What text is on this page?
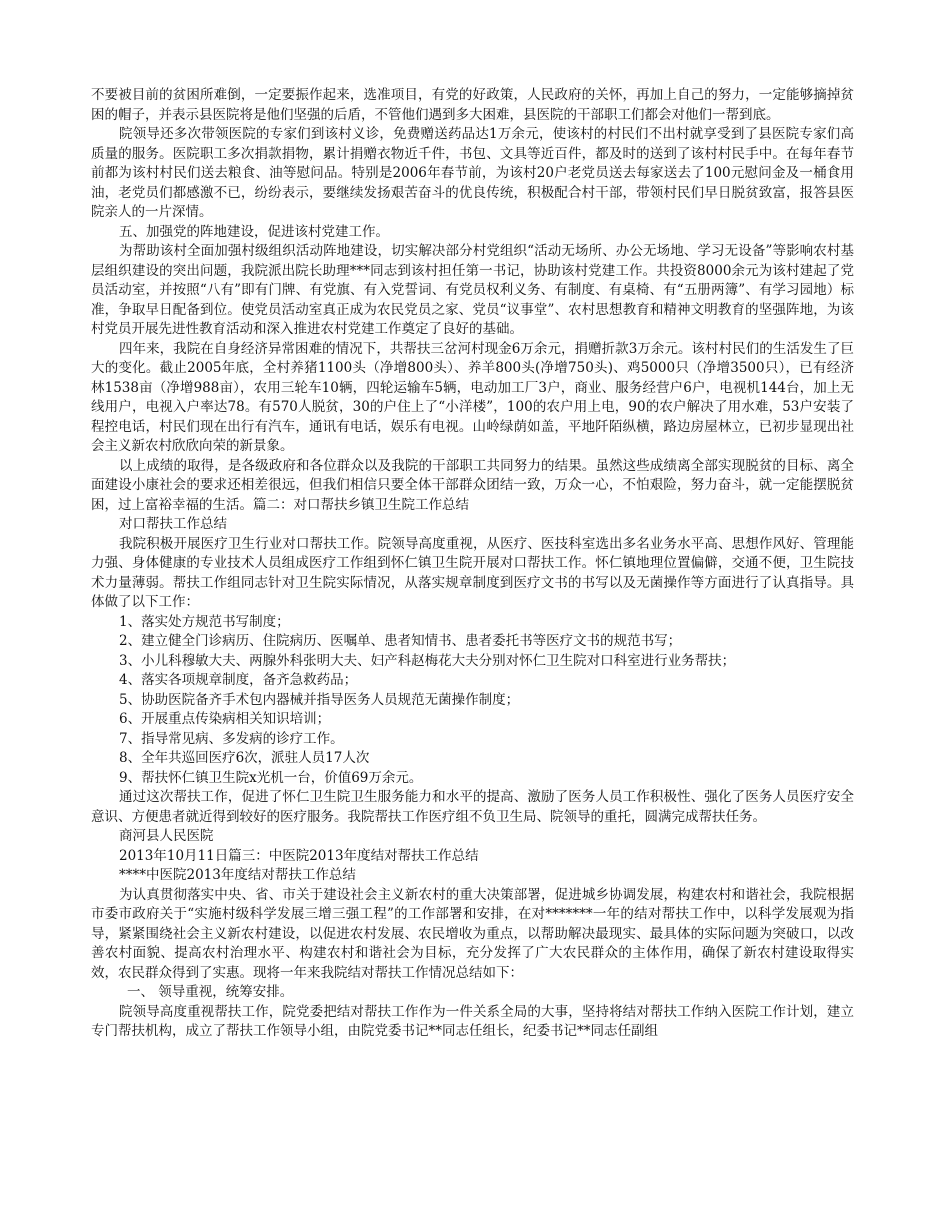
不要被目前的贫困所难倒，一定要振作起来，选准项目，有党的好政策，人民政府的关怀，再加上自己的努力，一定能够摘掉贫困的帽子，并表示县医院将是他们坚强的后盾，不管他们遇到多大困难，县医院的干部职工们都会对他们一帮到底。

院领导还多次带领医院的专家们到该村义诊，免费赠送药品达1万余元，使该村的村民们不出村就享受到了县医院专家们高质量的服务。医院职工多次捐款捐物，累计捐赠衣物近千件，书包、文具等近百件，都及时的送到了该村村民手中。在每年春节前都为该村村民们送去粮食、油等慰问品。特别是2006年春节前，为该村20户老党员送去每家送去了100元慰问金及一桶食用油，老党员们都感激不已，纷纷表示，要继续发扬艰苦奋斗的优良传统，积极配合村干部，带领村民们早日脱贫致富，报答县医院亲人的一片深情。

五、加强党的阵地建设，促进该村党建工作。

为帮助该村全面加强村级组织活动阵地建设，切实解决部分村党组织“活动无场所、办公无场地、学习无设备”等影响农村基层组织建设的突出问题，我院派出院长助理***同志到该村担任第一书记，协助该村党建工作。共投资8000余元为该村建起了党员活动室，并按照“八有”即有门牌、有党旗、有入党誓词、有党员权利义务、有制度、有桌椅、有“五册两簿”、有学习园地）标准，争取早日配备到位。使党员活动室真正成为农民党员之家、党员“议事堂”、农村思想教育和精神文明教育的坚强阵地，为该村党员开展先进性教育活动和深入推进农村党建工作奠定了良好的基础。

四年来，我院在自身经济异常困难的情况下，共帮扶三岔河村现金6万余元，捐赠折款3万余元。该村村民们的生活发生了巨大的变化。截止2005年底，全村养猪1100头（净增800头）、养羊800头(净增750头)、鸡5000只（净增3500只），已有经济林1538亩（净增988亩），农用三轮车10辆，四轮运输车5辆，电动加工厂3户，商业、服务经营户6户，电视机144台，加上无线用户，电视入户率达78。有570人脱贫，30的户住上了“小洋楼”，100的农户用上电，90的农户解决了用水难，53户安装了程控电话，村民们现在出行有汽车，通讯有电话，娱乐有电视。山岭绿荫如盖，平地阡陌纵横，路边房屋林立，已初步显现出社会主义新农村欣欣向荣的新景象。

以上成绩的取得，是各级政府和各位群众以及我院的干部职工共同努力的结果。虽然这些成绩离全部实现脱贫的目标、离全面建设小康社会的要求还相差很远，但我们相信只要全体干部群众团结一致，万众一心，不怕艰险，努力奋斗，就一定能摆脱贫困，过上富裕幸福的生活。篇二：对口帮扶乡镇卫生院工作总结

对口帮扶工作总结

我院积极开展医疗卫生行业对口帮扶工作。院领导高度重视，从医疗、医技科室选出多名业务水平高、思想作风好、管理能力强、身体健康的专业技术人员组成医疗工作组到怀仁镇卫生院开展对口帮扶工作。怀仁镇地理位置偏僻，交通不便，卫生院技术力量薄弱。帮扶工作组同志针对卫生院实际情况，从落实规章制度到医疗文书的书写以及无菌操作等方面进行了认真指导。具体做了以下工作：

1、落实处方规范书写制度；

2、建立健全门诊病历、住院病历、医嘱单、患者知情书、患者委托书等医疗文书的规范书写；

3、小儿科穆敏大夫、两腺外科张明大夫、妇产科赵梅花大夫分别对怀仁卫生院对口科室进行业务帮扶；

4、落实各项规章制度，备齐急救药品；

5、协助医院备齐手术包内器械并指导医务人员规范无菌操作制度；

6、开展重点传染病相关知识培训；

7、指导常见病、多发病的诊疗工作。

8、全年共巡回医疗6次，派驻人员17人次

9、帮扶怀仁镇卫生院x光机一台，价值69万余元。

通过这次帮扶工作，促进了怀仁卫生院卫生服务能力和水平的提高、激励了医务人员工作积极性、强化了医务人员医疗安全意识、方便患者就近得到较好的医疗服务。我院帮扶工作医疗组不负卫生局、院领导的重托，圆满完成帮扶任务。

商河县人民医院

2013年10月11日篇三：中医院2013年度结对帮扶工作总结

****中医院2013年度结对帮扶工作总结

为认真贯彻落实中央、省、市关于建设社会主义新农村的重大决策部署，促进城乡协调发展，构建农村和谐社会，我院根据市委市政府关于“实施村级科学发展三增三强工程”的工作部署和安排，在对*******一年的结对帮扶工作中，以科学发展观为指导，紧紧围绕社会主义新农村建设，以促进农村发展、农民增收为重点，以帮助解决最现实、最具体的实际问题为突破口，以改善农村面貌、提高农村治理水平、构建农村和谐社会为目标，充分发挥了广大农民群众的主体作用，确保了新农村建设取得实效，农民群众得到了实惠。现将一年来我院结对帮扶工作情况总结如下：

一、 领导重视，统筹安排。

院领导高度重视帮扶工作，院党委把结对帮扶工作作为一件关系全局的大事，坚持将结对帮扶工作纳入医院工作计划，建立专门帮扶机构，成立了帮扶工作领导小组，由院党委书记**同志任组长，纪委书记**同志任副组
